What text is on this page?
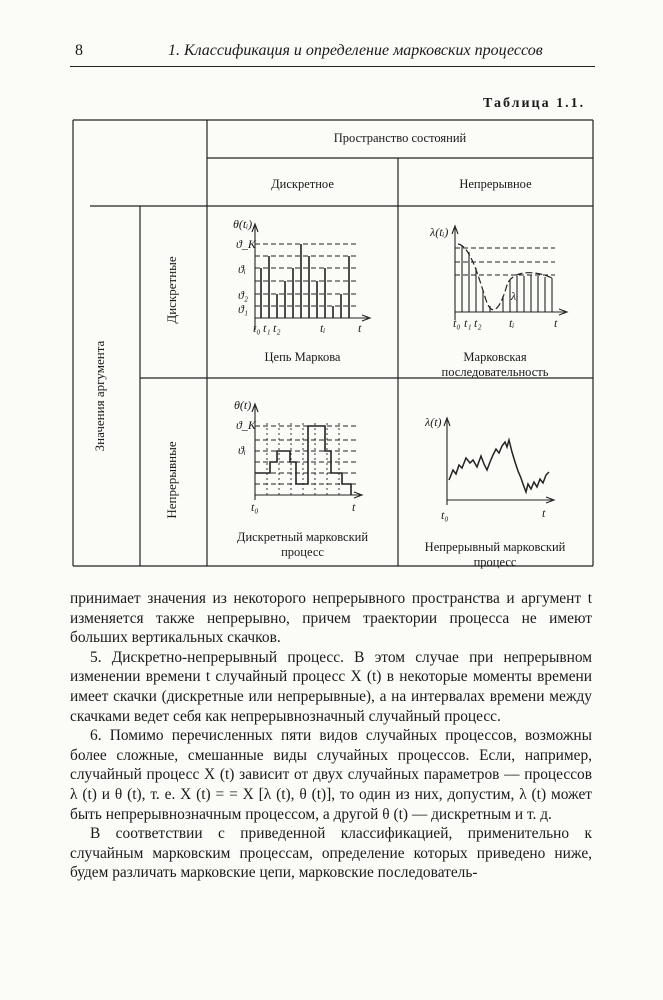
8	1. Классификация и определение марковских процессов
Таблица 1.1.
Пространство состояний
Дискретное	Непрерывное
Значения аргумента
Дискретные
Непрерывные
Цепь Маркова	Марковская последовательность
Дискретный марковский процесс	Непрерывный марковский процесс
θ(tᵢ)
ϑ_K
ϑᵢ
ϑ₂
ϑ₁
t₀ t₁ t₂	tᵢ	t
λ(tᵢ)
λᵢ
t₀ t₁ t₂ tᵢ	t
θ(t)
ϑ_K
ϑᵢ
t₀	t
λ(t)
t₀	t

принимает значения из некоторого непрерывного пространства и аргумент t изменяется также непрерывно, причем траектории процесса не имеют больших вертикальных скачков.

5. Дискретно-непрерывный процесс. В этом случае при непрерывном изменении времени t случайный процесс X (t) в некоторые моменты времени имеет скачки (дискретные или непрерывные), а на интервалах времени между скачками ведет себя как непрерывнозначный случайный процесс.

6. Помимо перечисленных пяти видов случайных процессов, возможны более сложные, смешанные виды случайных процессов. Если, например, случайный процесс X (t) зависит от двух случайных параметров — процессов λ (t) и θ (t), т. е. X (t) = = X [λ (t), θ (t)], то один из них, допустим, λ (t) может быть непрерывнозначным процессом, а другой θ (t) — дискретным и т. д.

В соответствии с приведенной классификацией, применительно к случайным марковским процессам, определение которых приведено ниже, будем различать марковские цепи, марковские последователь-
